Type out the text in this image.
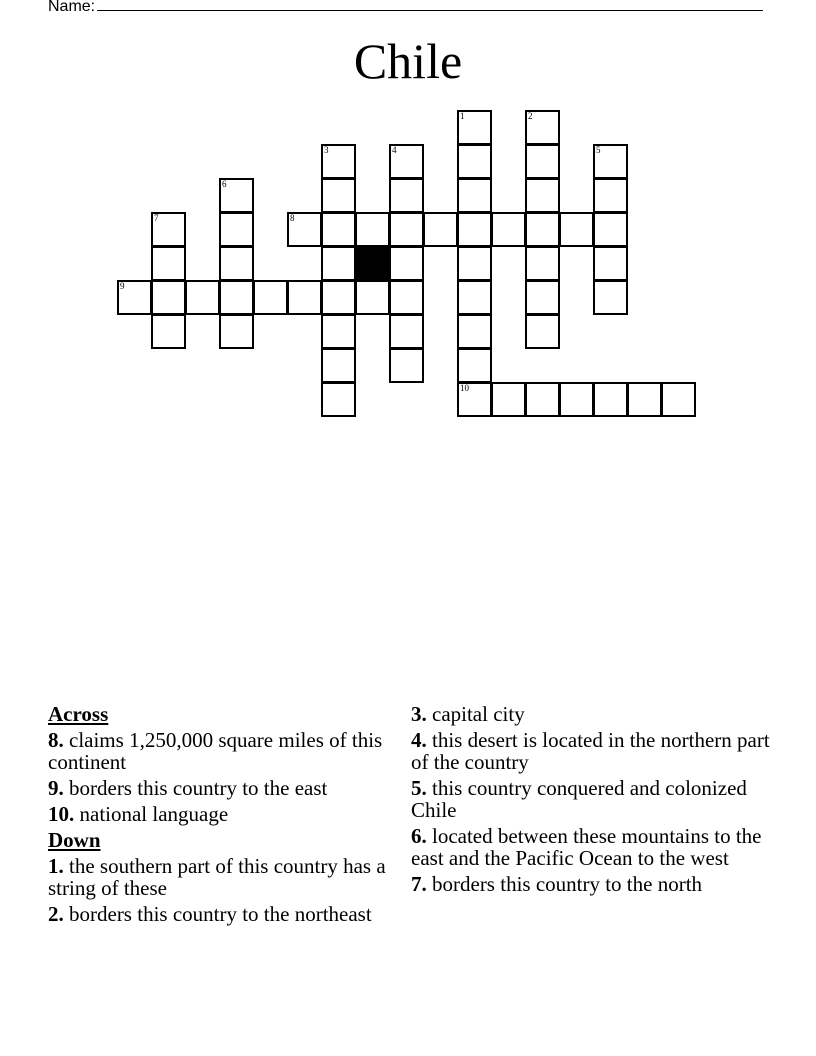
Name:
Chile
1
10
2
3	4	5
6
7	8
9
Across
8. claims 1,250,000 square miles of this continent
9. borders this country to the east
10. national language
Down
1. the southern part of this country has a string of these
2. borders this country to the northeast
3. capital city
4. this desert is located in the northern part of the country
5. this country conquered and colonized Chile
6. located between these mountains to the east and the Pacific Ocean to the west
7. borders this country to the north
